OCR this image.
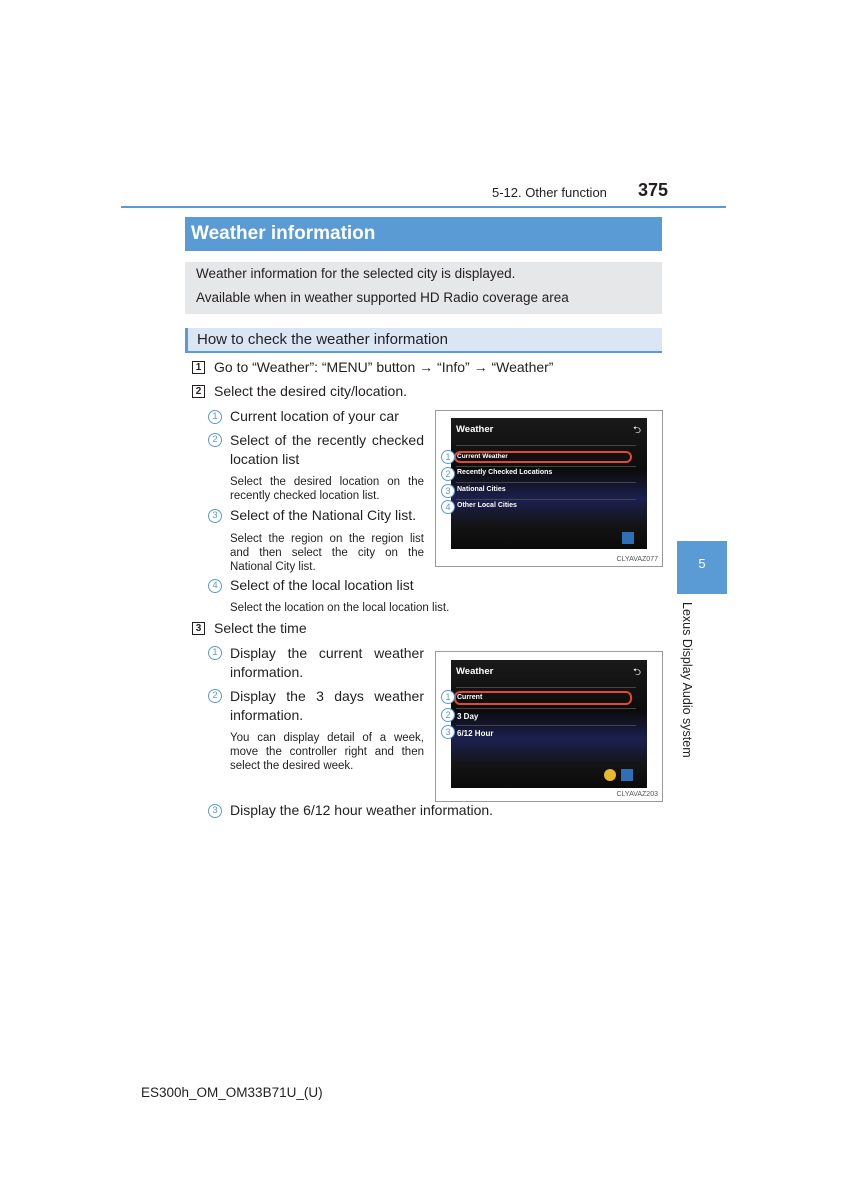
5-12. Other function 375
Weather information
Weather information for the selected city is displayed.
Available when in weather supported HD Radio coverage area
How to check the weather information
1 Go to “Weather”: “MENU” button → “Info” → “Weather”
2 Select the desired city/location.
1 Current location of your car
2 Select of the recently checked location list
Select the desired location on the recently checked location list.
3 Select of the National City list.
Select the region on the region list and then select the city on the National City list.
4 Select of the local location list
Select the location on the local location list.
Weather	⮌
Current Weather
Recently Checked Locations
National Cities
Other Local Cities
1
2
3
4
CLYAVAZ077
3 Select the time
1 Display the current weather information.
2 Display the 3 days weather information.
You can display detail of a week, move the controller right and then select the desired week.
Weather	⮌
Current
3 Day
6/12 Hour
1
2
3
CLYAVAZ203
3 Display the 6/12 hour weather information.
5
Lexus Display Audio system
ES300h_OM_OM33B71U_(U)
